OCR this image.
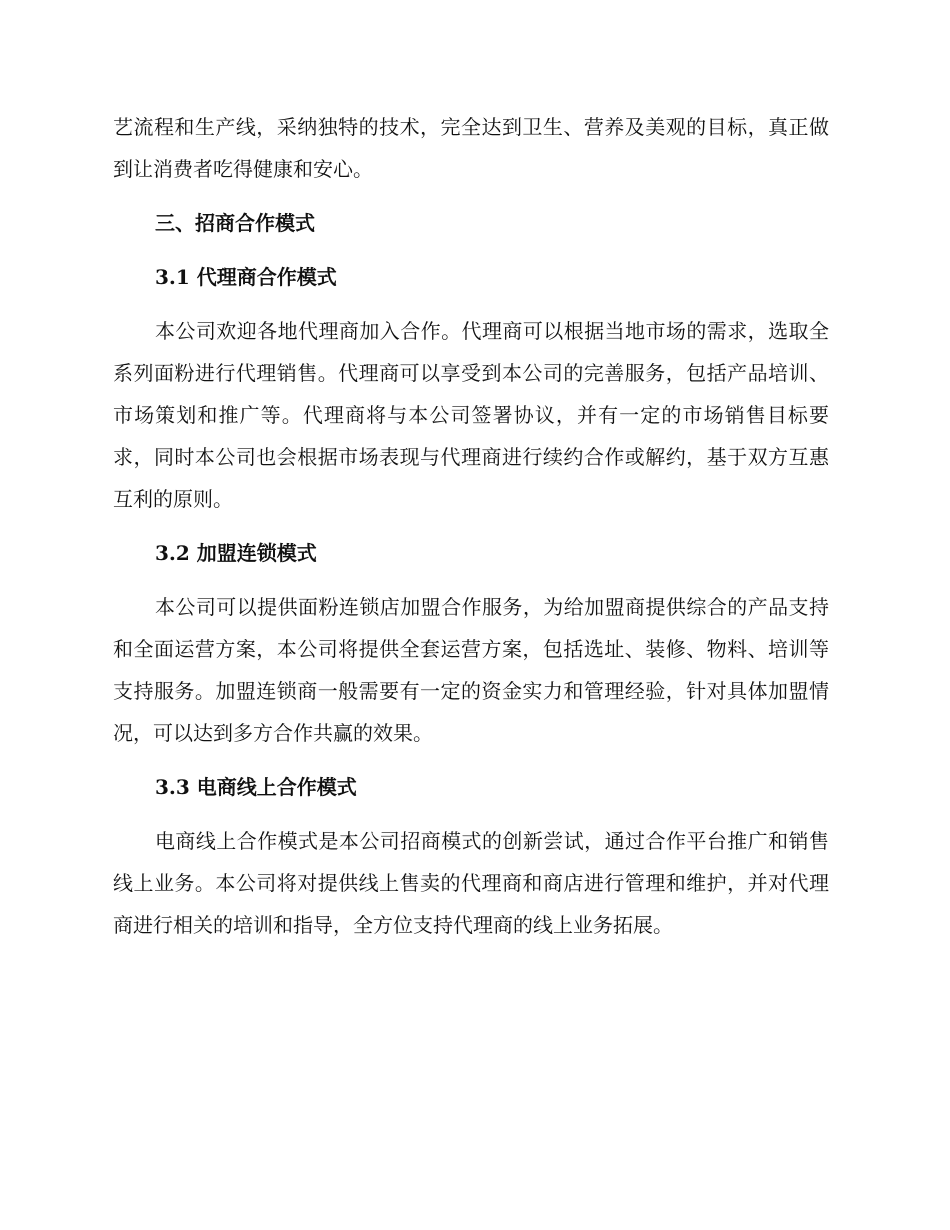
艺流程和生产线，采纳独特的技术，完全达到卫生、营养及美观的目标，真正做到让消费者吃得健康和安心。

三、招商合作模式
3.1 代理商合作模式

本公司欢迎各地代理商加入合作。代理商可以根据当地市场的需求，选取全系列面粉进行代理销售。代理商可以享受到本公司的完善服务，包括产品培训、市场策划和推广等。代理商将与本公司签署协议，并有一定的市场销售目标要求，同时本公司也会根据市场表现与代理商进行续约合作或解约，基于双方互惠互利的原则。

3.2 加盟连锁模式

本公司可以提供面粉连锁店加盟合作服务，为给加盟商提供综合的产品支持和全面运营方案，本公司将提供全套运营方案，包括选址、装修、物料、培训等支持服务。加盟连锁商一般需要有一定的资金实力和管理经验，针对具体加盟情况，可以达到多方合作共赢的效果。

3.3 电商线上合作模式

电商线上合作模式是本公司招商模式的创新尝试，通过合作平台推广和销售线上业务。本公司将对提供线上售卖的代理商和商店进行管理和维护，并对代理商进行相关的培训和指导，全方位支持代理商的线上业务拓展。
